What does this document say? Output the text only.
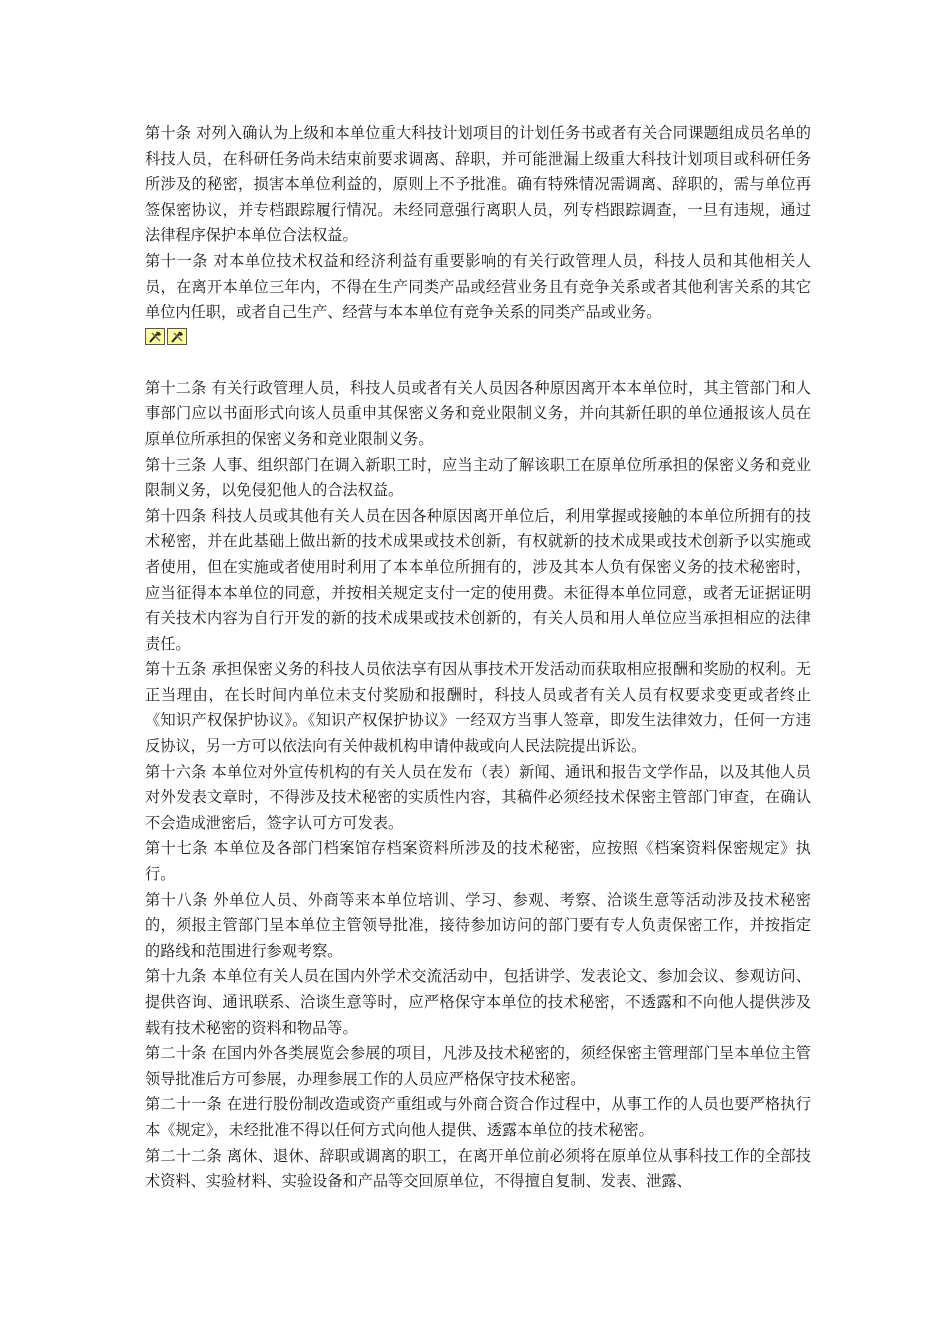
第十条 对列入确认为上级和本单位重大科技计划项目的计划任务书或者有关合同课题组成员名单的科技人员，在科研任务尚未结束前要求调离、辞职，并可能泄漏上级重大科技计划项目或科研任务所涉及的秘密，损害本单位利益的，原则上不予批准。确有特殊情况需调离、辞职的，需与单位再签保密协议，并专档跟踪履行情况。未经同意强行离职人员，列专档跟踪调查，一旦有违规，通过法律程序保护本单位合法权益。

第十一条 对本单位技术权益和经济利益有重要影响的有关行政管理人员，科技人员和其他相关人员，在离开本单位三年内，不得在生产同类产品或经营业务且有竞争关系或者其他利害关系的其它单位内任职，或者自己生产、经营与本本单位有竞争关系的同类产品或业务。

第十二条 有关行政管理人员，科技人员或者有关人员因各种原因离开本本单位时，其主管部门和人事部门应以书面形式向该人员重申其保密义务和竞业限制义务，并向其新任职的单位通报该人员在原单位所承担的保密义务和竞业限制义务。

第十三条 人事、组织部门在调入新职工时，应当主动了解该职工在原单位所承担的保密义务和竞业限制义务，以免侵犯他人的合法权益。

第十四条 科技人员或其他有关人员在因各种原因离开单位后，利用掌握或接触的本单位所拥有的技术秘密，并在此基础上做出新的技术成果或技术创新，有权就新的技术成果或技术创新予以实施或者使用，但在实施或者使用时利用了本本单位所拥有的，涉及其本人负有保密义务的技术秘密时，应当征得本本单位的同意，并按相关规定支付一定的使用费。未征得本单位同意，或者无证据证明有关技术内容为自行开发的新的技术成果或技术创新的，有关人员和用人单位应当承担相应的法律责任。

第十五条 承担保密义务的科技人员依法享有因从事技术开发活动而获取相应报酬和奖励的权利。无正当理由，在长时间内单位未支付奖励和报酬时，科技人员或者有关人员有权要求变更或者终止《知识产权保护协议》。《知识产权保护协议》一经双方当事人签章，即发生法律效力，任何一方违反协议，另一方可以依法向有关仲裁机构申请仲裁或向人民法院提出诉讼。

第十六条 本单位对外宣传机构的有关人员在发布（表）新闻、通讯和报告文学作品，以及其他人员对外发表文章时，不得涉及技术秘密的实质性内容，其稿件必须经技术保密主管部门审查，在确认不会造成泄密后，签字认可方可发表。

第十七条 本单位及各部门档案馆存档案资料所涉及的技术秘密，应按照《档案资料保密规定》执行。

第十八条 外单位人员、外商等来本单位培训、学习、参观、考察、洽谈生意等活动涉及技术秘密的，须报主管部门呈本单位主管领导批准，接待参加访问的部门要有专人负责保密工作，并按指定的路线和范围进行参观考察。

第十九条 本单位有关人员在国内外学术交流活动中，包括讲学、发表论文、参加会议、参观访问、提供咨询、通讯联系、洽谈生意等时，应严格保守本单位的技术秘密，不透露和不向他人提供涉及载有技术秘密的资料和物品等。

第二十条 在国内外各类展览会参展的项目，凡涉及技术秘密的，须经保密主管理部门呈本单位主管领导批准后方可参展，办理参展工作的人员应严格保守技术秘密。

第二十一条 在进行股份制改造或资产重组或与外商合资合作过程中，从事工作的人员也要严格执行本《规定》，未经批准不得以任何方式向他人提供、透露本单位的技术秘密。

第二十二条 离休、退休、辞职或调离的职工，在离开单位前必须将在原单位从事科技工作的全部技术资料、实验材料、实验设备和产品等交回原单位，不得擅自复制、发表、泄露、
